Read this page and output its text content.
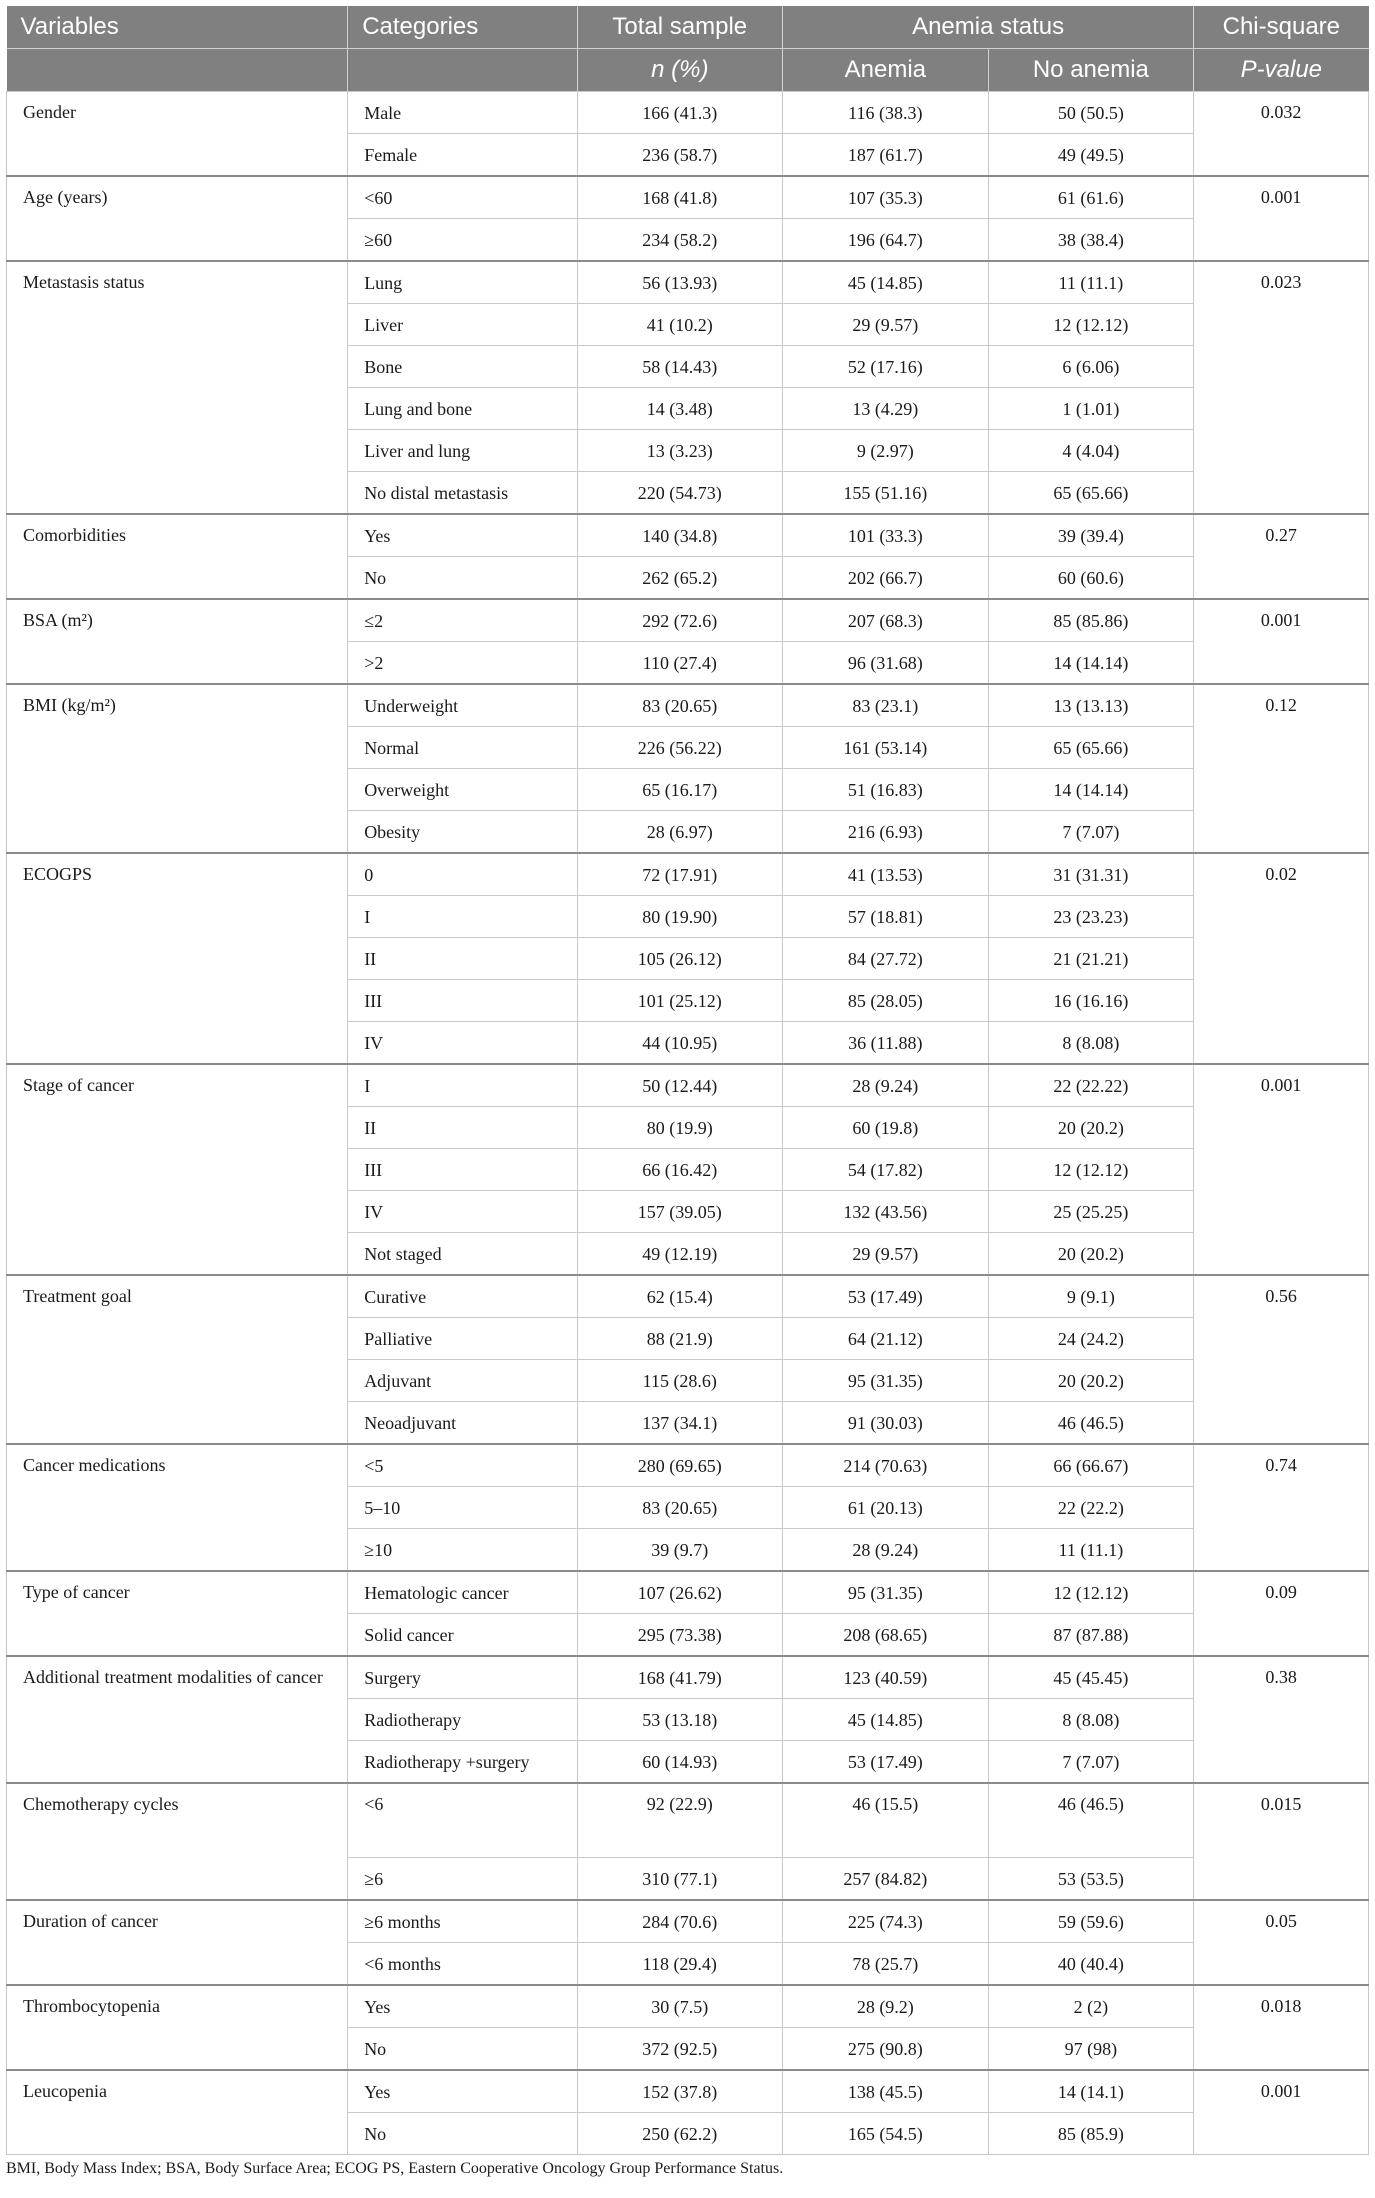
Variables	Categories	Total sample	Anemia status		Chi-square
		n (%)	Anemia	No anemia	P-value
Gender	Male	166 (41.3)	116 (38.3)	50 (50.5)	0.032
	Female	236 (58.7)	187 (61.7)	49 (49.5)	
Age (years)	<60	168 (41.8)	107 (35.3)	61 (61.6)	0.001
	≥60	234 (58.2)	196 (64.7)	38 (38.4)	
Metastasis status	Lung	56 (13.93)	45 (14.85)	11 (11.1)	0.023
	Liver	41 (10.2)	29 (9.57)	12 (12.12)	
	Bone	58 (14.43)	52 (17.16)	6 (6.06)	
	Lung and bone	14 (3.48)	13 (4.29)	1 (1.01)	
	Liver and lung	13 (3.23)	9 (2.97)	4 (4.04)	
	No distal metastasis	220 (54.73)	155 (51.16)	65 (65.66)	
Comorbidities	Yes	140 (34.8)	101 (33.3)	39 (39.4)	0.27
	No	262 (65.2)	202 (66.7)	60 (60.6)	
BSA (m²)	≤2	292 (72.6)	207 (68.3)	85 (85.86)	0.001
	>2	110 (27.4)	96 (31.68)	14 (14.14)	
BMI (kg/m²)	Underweight	83 (20.65)	83 (23.1)	13 (13.13)	0.12
	Normal	226 (56.22)	161 (53.14)	65 (65.66)	
	Overweight	65 (16.17)	51 (16.83)	14 (14.14)	
	Obesity	28 (6.97)	216 (6.93)	7 (7.07)	
ECOGPS	0	72 (17.91)	41 (13.53)	31 (31.31)	0.02
	I	80 (19.90)	57 (18.81)	23 (23.23)	
	II	105 (26.12)	84 (27.72)	21 (21.21)	
	III	101 (25.12)	85 (28.05)	16 (16.16)	
	IV	44 (10.95)	36 (11.88)	8 (8.08)	
Stage of cancer	I	50 (12.44)	28 (9.24)	22 (22.22)	0.001
	II	80 (19.9)	60 (19.8)	20 (20.2)	
	III	66 (16.42)	54 (17.82)	12 (12.12)	
	IV	157 (39.05)	132 (43.56)	25 (25.25)	
	Not staged	49 (12.19)	29 (9.57)	20 (20.2)	
Treatment goal	Curative	62 (15.4)	53 (17.49)	9 (9.1)	0.56
	Palliative	88 (21.9)	64 (21.12)	24 (24.2)	
	Adjuvant	115 (28.6)	95 (31.35)	20 (20.2)	
	Neoadjuvant	137 (34.1)	91 (30.03)	46 (46.5)	
Cancer medications	<5	280 (69.65)	214 (70.63)	66 (66.67)	0.74
	5–10	83 (20.65)	61 (20.13)	22 (22.2)	
	≥10	39 (9.7)	28 (9.24)	11 (11.1)	
Type of cancer	Hematologic cancer	107 (26.62)	95 (31.35)	12 (12.12)	0.09
	Solid cancer	295 (73.38)	208 (68.65)	87 (87.88)	
Additional treatment modalities of cancer	Surgery	168 (41.79)	123 (40.59)	45 (45.45)	0.38
	Radiotherapy	53 (13.18)	45 (14.85)	8 (8.08)	
	Radiotherapy +surgery	60 (14.93)	53 (17.49)	7 (7.07)	
Chemotherapy cycles	<6	92 (22.9)	46 (15.5)	46 (46.5)	0.015
	≥6	310 (77.1)	257 (84.82)	53 (53.5)	
Duration of cancer	≥6 months	284 (70.6)	225 (74.3)	59 (59.6)	0.05
	<6 months	118 (29.4)	78 (25.7)	40 (40.4)	
Thrombocytopenia	Yes	30 (7.5)	28 (9.2)	2 (2)	0.018
	No	372 (92.5)	275 (90.8)	97 (98)	
Leucopenia	Yes	152 (37.8)	138 (45.5)	14 (14.1)	0.001
	No	250 (62.2)	165 (54.5)	85 (85.9)	
BMI, Body Mass Index; BSA, Body Surface Area; ECOG PS, Eastern Cooperative Oncology Group Performance Status.
